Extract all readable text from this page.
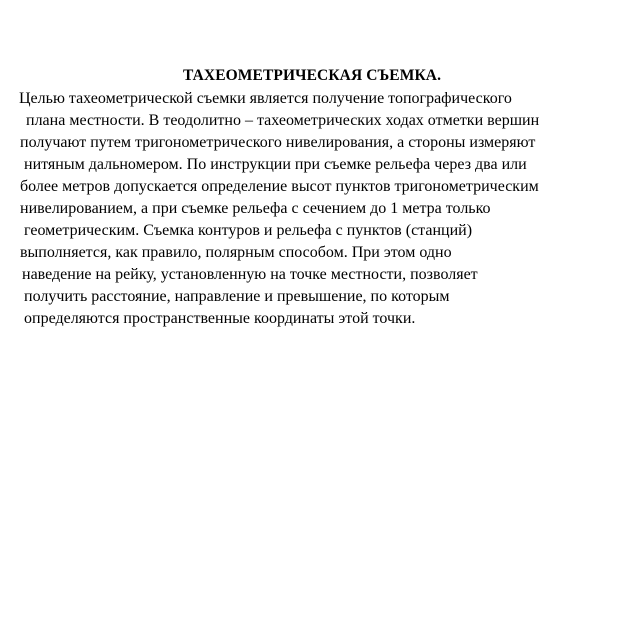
ТАХЕОМЕТРИЧЕСКАЯ СЪЕМКА.
Целью тахеометрической съемки является получение топографического
плана местности. В теодолитно – тахеометрических ходах отметки вершин
получают путем тригонометрического нивелирования, а стороны измеряют
нитяным дальномером. По инструкции при съемке рельефа через два или
более метров допускается определение высот пунктов тригонометрическим
нивелированием, а при съемке рельефа с сечением до 1 метра только
геометрическим. Съемка контуров и рельефа с пунктов (станций)
выполняется, как правило, полярным способом. При этом одно
наведение на рейку, установленную на точке местности, позволяет
получить расстояние, направление и превышение, по которым
определяются пространственные координаты этой точки.
